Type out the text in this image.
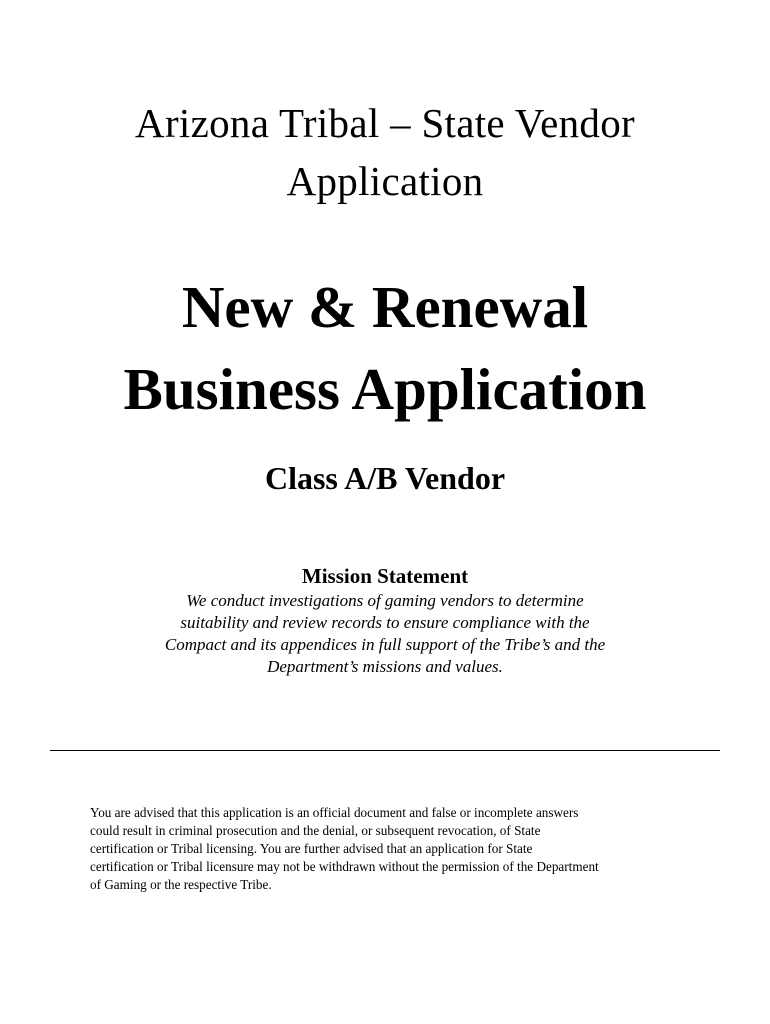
Arizona Tribal – State Vendor
Application
New & Renewal
Business Application
Class A/B Vendor
Mission Statement
We conduct investigations of gaming vendors to determine
suitability and review records to ensure compliance with the
Compact and its appendices in full support of the Tribe’s and the
Department’s missions and values.
You are advised that this application is an official document and false or incomplete answers
could result in criminal prosecution and the denial, or subsequent revocation, of State
certification or Tribal licensing. You are further advised that an application for State
certification or Tribal licensure may not be withdrawn without the permission of the Department
of Gaming or the respective Tribe.
